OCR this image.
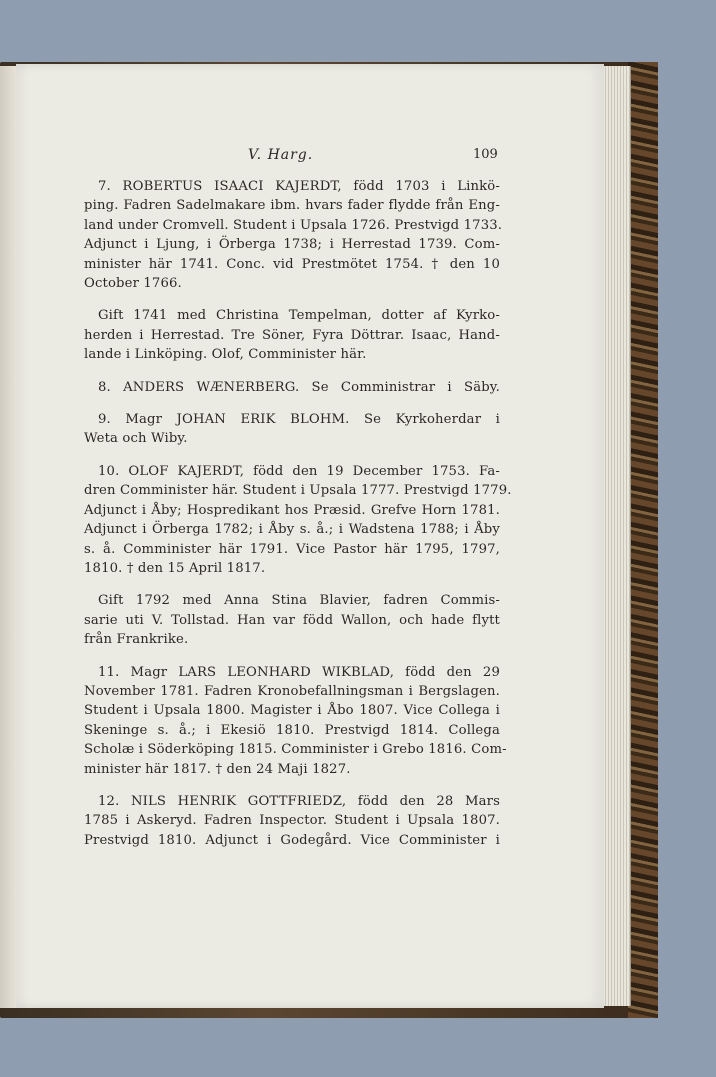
V. Harg.	109
7. ROBERTUS ISAACI KAJERDT, född 1703 i Linkö-
ping. Fadren Sadelmakare ibm. hvars fader flydde från Eng-
land under Cromvell. Student i Upsala 1726. Prestvigd 1733.
Adjunct i Ljung, i Örberga 1738; i Herrestad 1739. Com-
minister här 1741. Conc. vid Prestmötet 1754. † den 10
October 1766.
Gift 1741 med Christina Tempelman, dotter af Kyrko-
herden i Herrestad. Tre Söner, Fyra Döttrar. Isaac, Hand-
lande i Linköping. Olof, Comminister här.
8. ANDERS WÆNERBERG. Se Comministrar i Säby.
9. Magr JOHAN ERIK BLOHM. Se Kyrkoherdar i
Weta och Wiby.
10. OLOF KAJERDT, född den 19 December 1753. Fa-
dren Comminister här. Student i Upsala 1777. Prestvigd 1779.
Adjunct i Åby; Hospredikant hos Præsid. Grefve Horn 1781.
Adjunct i Örberga 1782; i Åby s. å.; i Wadstena 1788; i Åby
s. å. Comminister här 1791. Vice Pastor här 1795, 1797,
1810. † den 15 April 1817.
Gift 1792 med Anna Stina Blavier, fadren Commis-
sarie uti V. Tollstad. Han var född Wallon, och hade flytt
från Frankrike.
11. Magr LARS LEONHARD WIKBLAD, född den 29
November 1781. Fadren Kronobefallningsman i Bergslagen.
Student i Upsala 1800. Magister i Åbo 1807. Vice Collega i
Skeninge s. å.; i Ekesiö 1810. Prestvigd 1814. Collega
Scholæ i Söderköping 1815. Comminister i Grebo 1816. Com-
minister här 1817. † den 24 Maji 1827.
12. NILS HENRIK GOTTFRIEDZ, född den 28 Mars
1785 i Askeryd. Fadren Inspector. Student i Upsala 1807.
Prestvigd 1810. Adjunct i Godegård. Vice Comminister i
